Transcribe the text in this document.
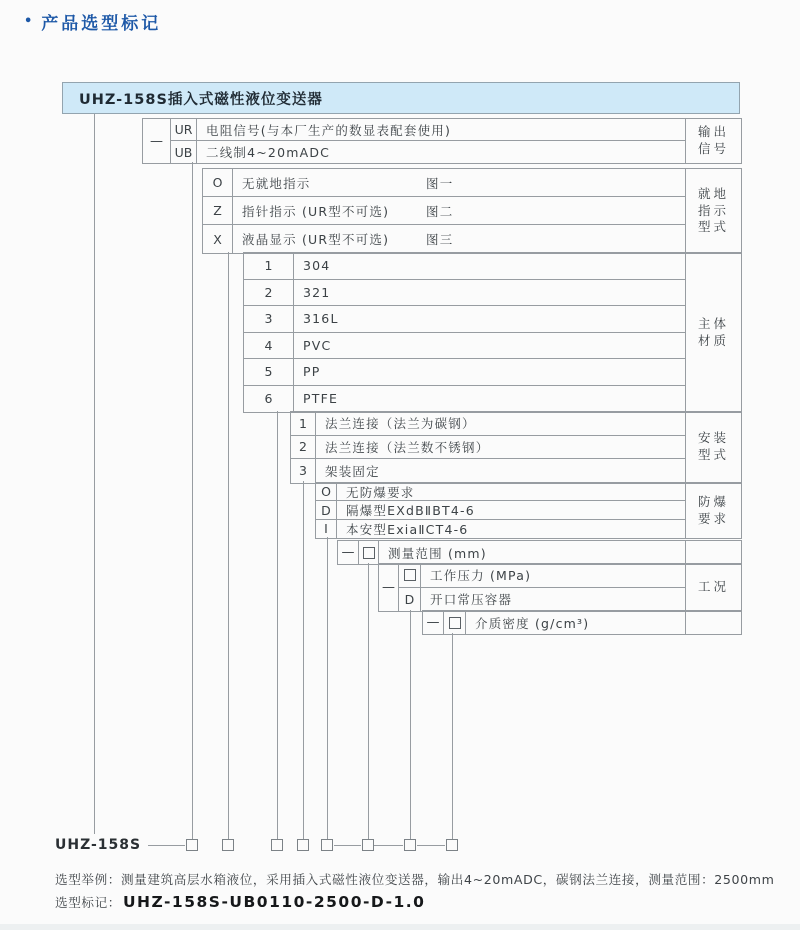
• 产品选型标记
UHZ-158S插入式磁性液位变送器
—
UR	电阻信号(与本厂生产的数显表配套使用)
UB	二线制4~20mADC
输出
信号
O	无就地指示	图一
Z	指针指示 (UR型不可选)	图二
X	液晶显示 (UR型不可选)	图三
就地
指示
型式
1	304
2	321
3	316L
4	PVC
5	PP
6	PTFE
主体
材质
1	法兰连接（法兰为碳钢）
2	法兰连接（法兰数不锈钢）
3	架装固定
安装
型式
O	无防爆要求
D	隔爆型EXdBⅡBT4-6
I	本安型ExiaⅡCT4-6
防爆
要求
—	测量范围 (mm)
—
工作压力 (MPa)
D	开口常压容器
工况
—	介质密度 (g/cm³)
UHZ-158S
选型举例：测量建筑高层水箱液位，采用插入式磁性液位变送器，输出4~20mADC，碳钢法兰连接，测量范围：2500mm
选型标记： UHZ-158S-UB0110-2500-D-1.0
